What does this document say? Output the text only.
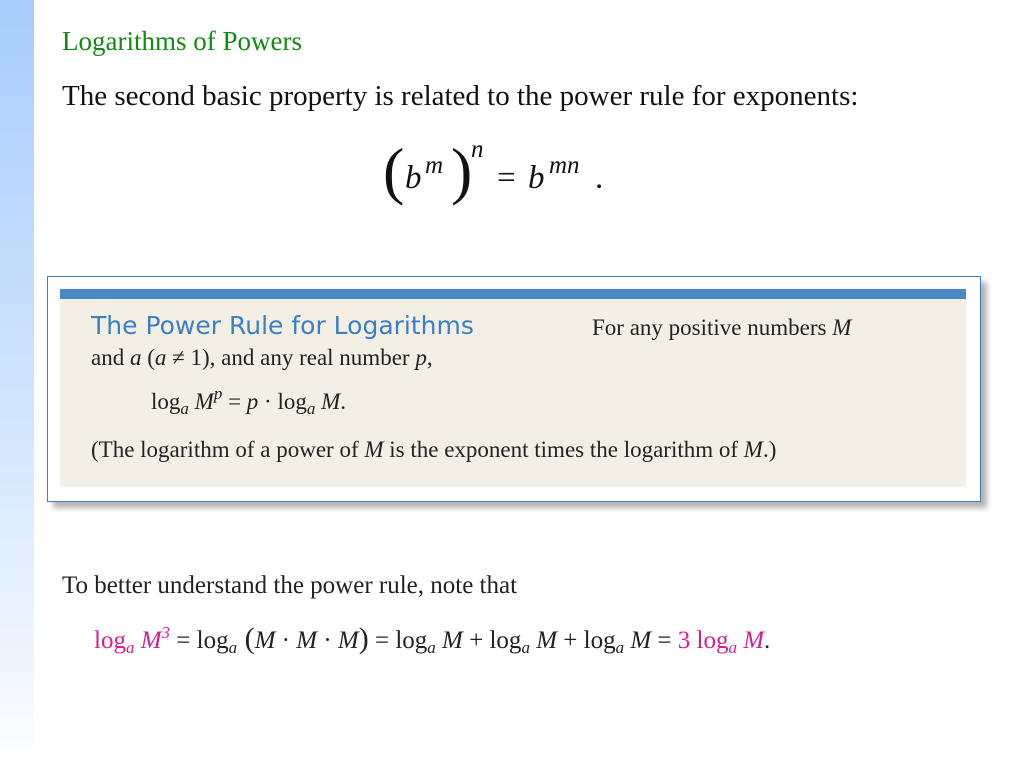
Logarithms of Powers
The second basic property is related to the power rule for exponents:
( b m )
n
= b mn .
The Power Rule for Logarithms	For any positive numbers M
and a (a ≠ 1), and any real number p,
$\log_a M^p = p \cdot \log_a M$.
(The logarithm of a power of M is the exponent times the logarithm of M.)
To better understand the power rule, note that
$\log_a M^3 = \log_a (M \cdot M \cdot M) = \log_a M + \log_a M + \log_a M = 3$ $\log_a M$.
